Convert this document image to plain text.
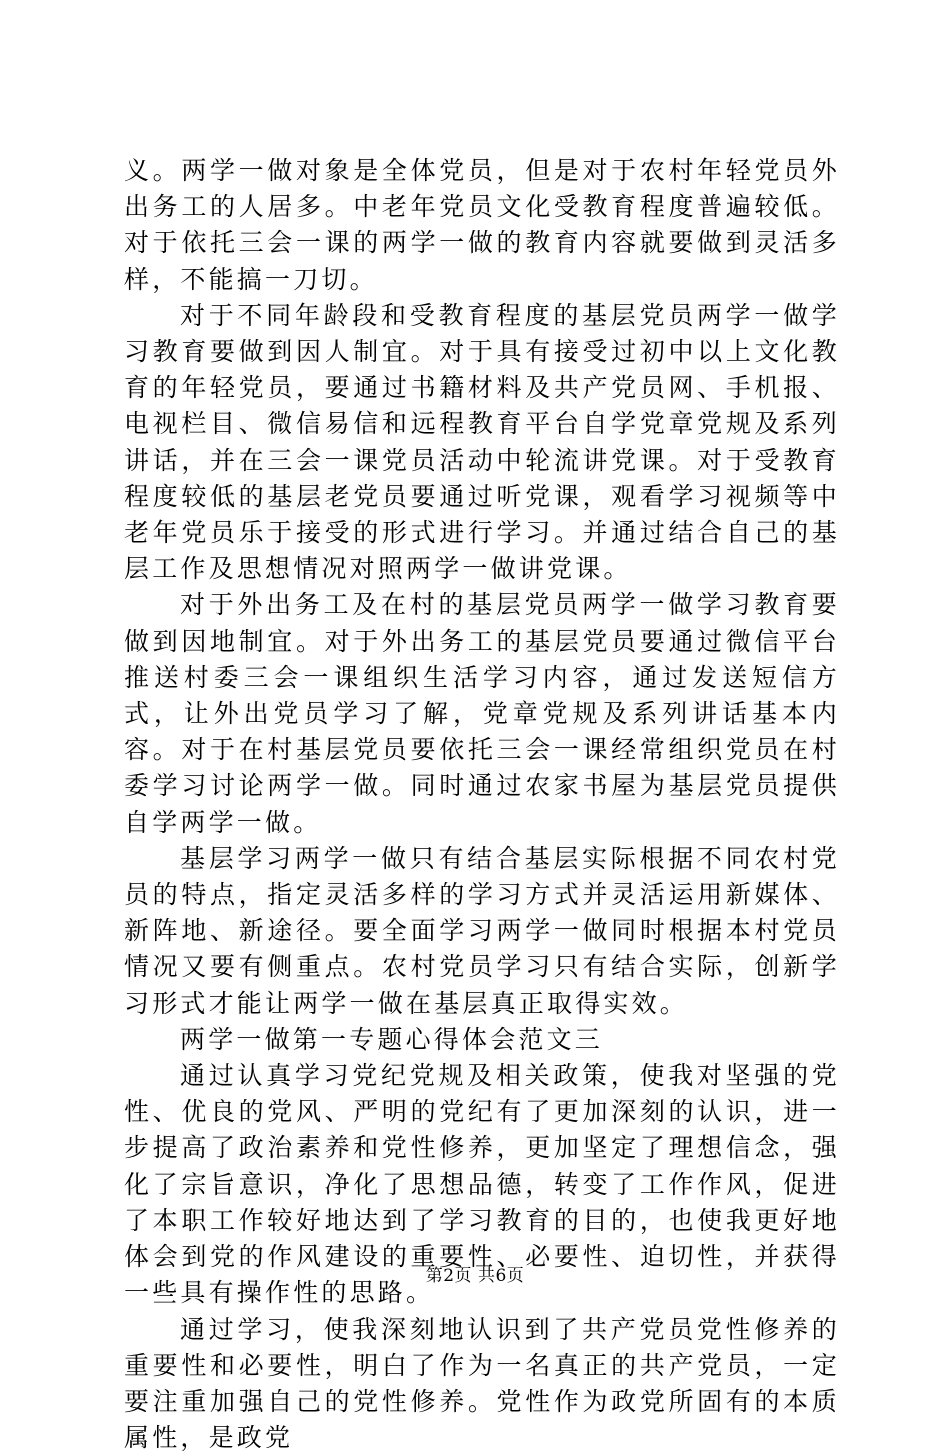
义。两学一做对象是全体党员，但是对于农村年轻党员外出务工的人居多。中老年党员文化受教育程度普遍较低。对于依托三会一课的两学一做的教育内容就要做到灵活多样，不能搞一刀切。

对于不同年龄段和受教育程度的基层党员两学一做学习教育要做到因人制宜。对于具有接受过初中以上文化教育的年轻党员，要通过书籍材料及共产党员网、手机报、电视栏目、微信易信和远程教育平台自学党章党规及系列讲话，并在三会一课党员活动中轮流讲党课。对于受教育程度较低的基层老党员要通过听党课，观看学习视频等中老年党员乐于接受的形式进行学习。并通过结合自己的基层工作及思想情况对照两学一做讲党课。

对于外出务工及在村的基层党员两学一做学习教育要做到因地制宜。对于外出务工的基层党员要通过微信平台推送村委三会一课组织生活学习内容，通过发送短信方式，让外出党员学习了解，党章党规及系列讲话基本内容。对于在村基层党员要依托三会一课经常组织党员在村委学习讨论两学一做。同时通过农家书屋为基层党员提供自学两学一做。

基层学习两学一做只有结合基层实际根据不同农村党员的特点，指定灵活多样的学习方式并灵活运用新媒体、新阵地、新途径。要全面学习两学一做同时根据本村党员情况又要有侧重点。农村党员学习只有结合实际，创新学习形式才能让两学一做在基层真正取得实效。

两学一做第一专题心得体会范文三

通过认真学习党纪党规及相关政策，使我对坚强的党性、优良的党风、严明的党纪有了更加深刻的认识，进一步提高了政治素养和党性修养，更加坚定了理想信念，强化了宗旨意识，净化了思想品德，转变了工作作风，促进了本职工作较好地达到了学习教育的目的，也使我更好地体会到党的作风建设的重要性、必要性、迫切性，并获得一些具有操作性的思路。

通过学习，使我深刻地认识到了共产党员党性修养的重要性和必要性，明白了作为一名真正的共产党员，一定要注重加强自己的党性修养。党性作为政党所固有的本质属性，是政党

第2页 共6页
